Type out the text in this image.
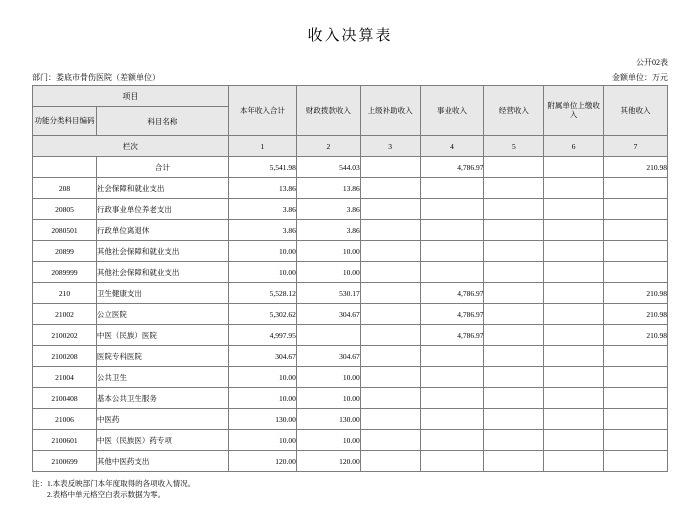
收入决算表
公开02表
部门：娄底市骨伤医院（差额单位）	金额单位：万元
项目		本年收入合计	财政拨款收入	上级补助收入	事业收入	经营收入	附属单位上缴收入	其他收入
功能分类科目编码	科目名称							
栏次		1	2	3	4	5	6	7
	合计	5,541.98	544.03		4,786.97			210.98
208	社会保障和就业支出	13.86	13.86					
20805	行政事业单位养老支出	3.86	3.86					
2080501	行政单位离退休	3.86	3.86					
20899	其他社会保障和就业支出	10.00	10.00					
2089999	其他社会保障和就业支出	10.00	10.00					
210	卫生健康支出	5,528.12	530.17		4,786.97			210.98
21002	公立医院	5,302.62	304.67		4,786.97			210.98
2100202	中医（民族）医院	4,997.95			4,786.97			210.98
2100208	医院专科医院	304.67	304.67					
21004	公共卫生	10.00	10.00					
2100408	基本公共卫生服务	10.00	10.00					
21006	中医药	130.00	130.00					
2100601	中医（民族医）药专项	10.00	10.00					
2100699	其他中医药支出	120.00	120.00					
注：1.本表反映部门本年度取得的各项收入情况。
2.表格中单元格空白表示数据为零。
